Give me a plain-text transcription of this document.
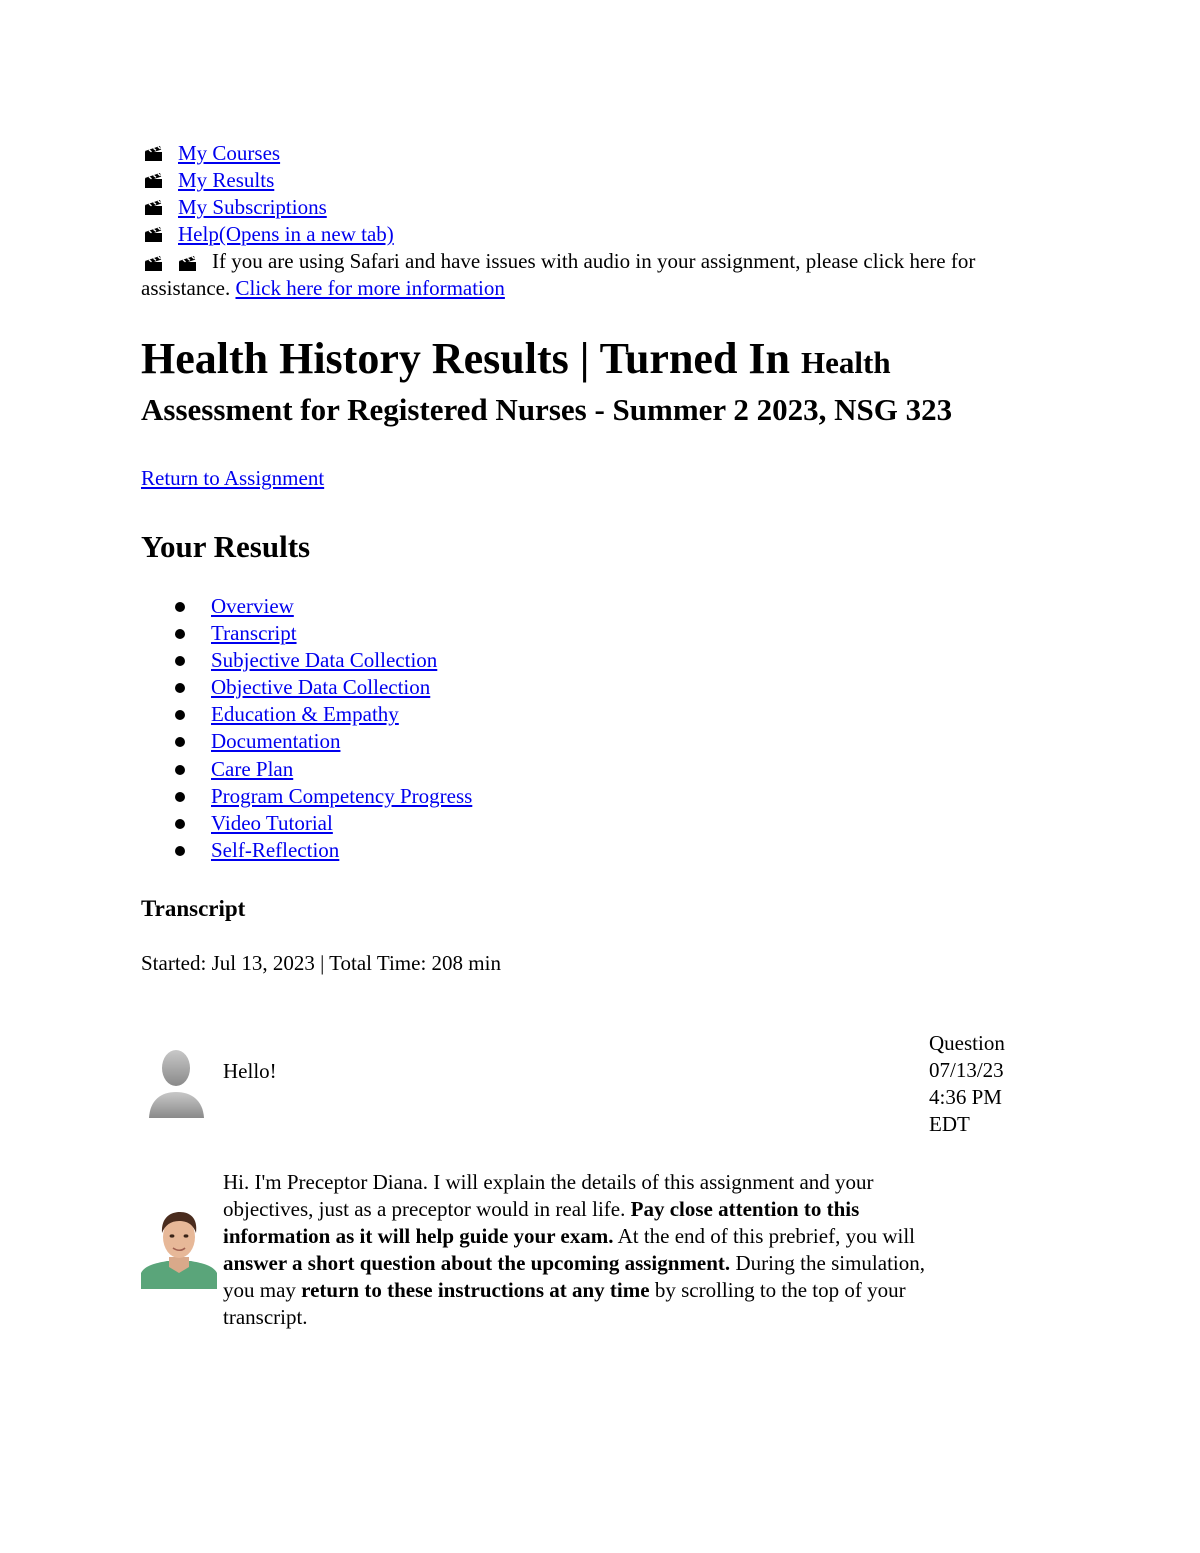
My Courses
My Results
My Subscriptions
Help(Opens in a new tab)
If you are using Safari and have issues with audio in your assignment, please click here for assistance. Click here for more information
Health History Results | Turned In Health Assessment for Registered Nurses - Summer 2 2023, NSG 323
Return to Assignment
Your Results
Overview
Transcript
Subjective Data Collection
Objective Data Collection
Education & Empathy
Documentation
Care Plan
Program Competency Progress
Video Tutorial
Self-Reflection
Transcript
Started: Jul 13, 2023 | Total Time: 208 min
Hello!
Question
07/13/23
4:36 PM
EDT
Hi. I'm Preceptor Diana. I will explain the details of this assignment and your objectives, just as a preceptor would in real life. Pay close attention to this information as it will help guide your exam. At the end of this prebrief, you will answer a short question about the upcoming assignment. During the simulation, you may return to these instructions at any time by scrolling to the top of your transcript.
